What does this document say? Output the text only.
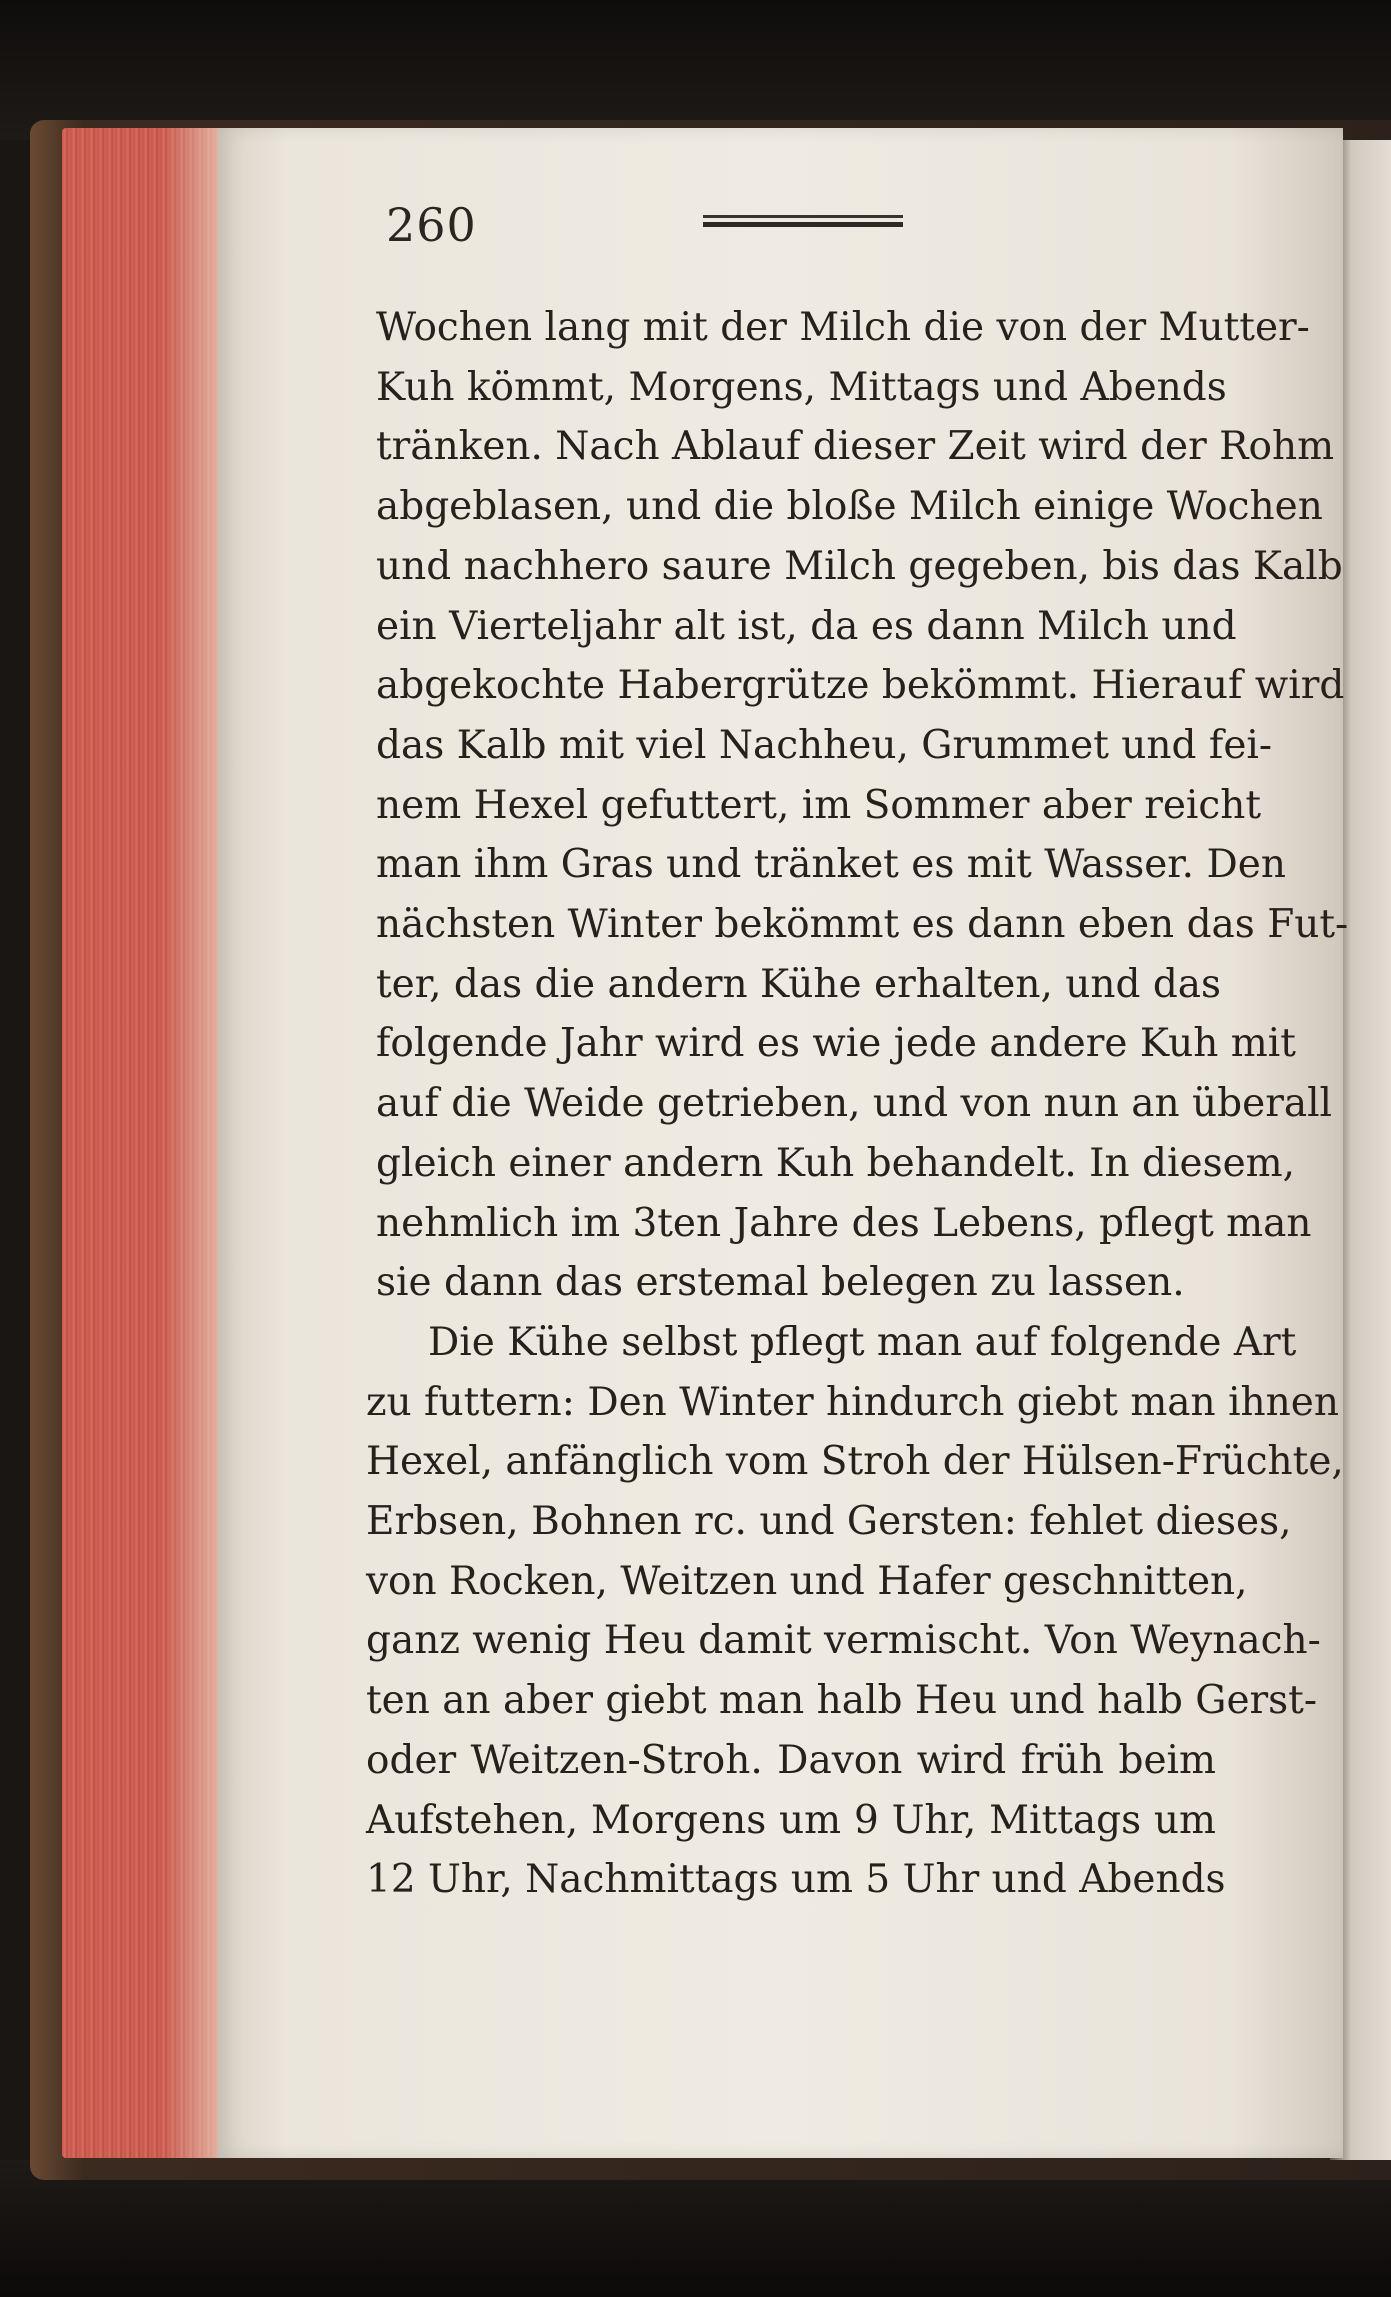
260
Wochen lang mit der Milch die von der Mutter-
Kuh kömmt, Morgens, Mittags und Abends
tränken. Nach Ablauf dieser Zeit wird der Rohm
abgeblasen, und die bloße Milch einige Wochen
und nachhero saure Milch gegeben, bis das Kalb
ein Vierteljahr alt ist, da es dann Milch und
abgekochte Habergrütze bekömmt. Hierauf wird
das Kalb mit viel Nachheu, Grummet und fei-
nem Hexel gefuttert, im Sommer aber reicht
man ihm Gras und tränket es mit Wasser. Den
nächsten Winter bekömmt es dann eben das Fut-
ter, das die andern Kühe erhalten, und das
folgende Jahr wird es wie jede andere Kuh mit
auf die Weide getrieben, und von nun an überall
gleich einer andern Kuh behandelt. In diesem,
nehmlich im 3ten Jahre des Lebens, pflegt man
sie dann das erstemal belegen zu lassen.
Die Kühe selbst pflegt man auf folgende Art
zu futtern: Den Winter hindurch giebt man ihnen
Hexel, anfänglich vom Stroh der Hülsen-Früchte,
Erbsen, Bohnen rc. und Gersten: fehlet dieses,
von Rocken, Weitzen und Hafer geschnitten,
ganz wenig Heu damit vermischt. Von Weynach-
ten an aber giebt man halb Heu und halb Gerst-
oder Weitzen-Stroh. Davon wird früh beim
Aufstehen, Morgens um 9 Uhr, Mittags um
12 Uhr, Nachmittags um 5 Uhr und Abends
